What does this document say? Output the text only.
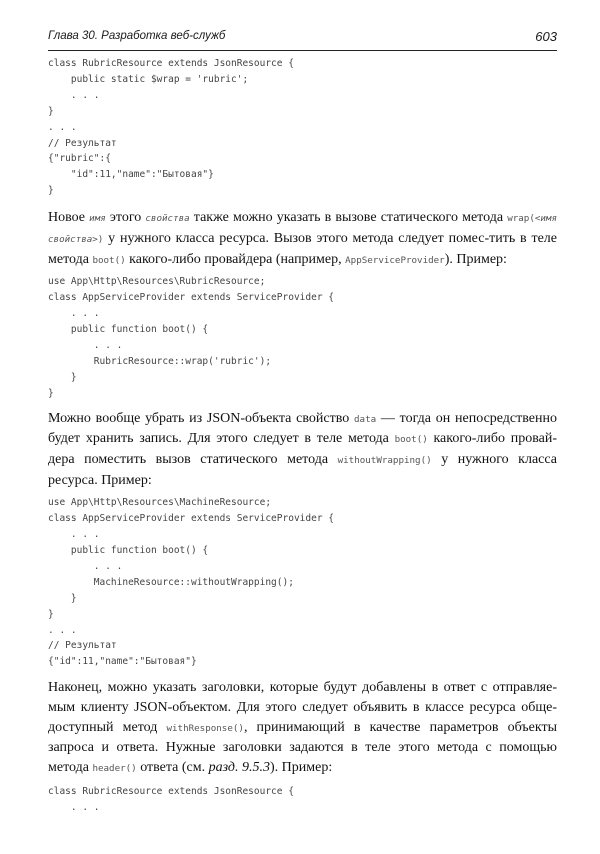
Глава 30. Разработка веб-служб	603
class RubricResource extends JsonResource {
public static $wrap = 'rubric';
. . .
}
. . .
// Результат
{"rubric":{
"id":11,"name":"Бытовая"}
}

Новое имя этого свойства также можно указать в вызове статического метода wrap(<имя свойства>) у нужного класса ресурса. Вызов этого метода следует помес-тить в теле метода boot() какого-либо провайдера (например, AppServiceProvider). Пример:

use App\Http\Resources\RubricResource;
class AppServiceProvider extends ServiceProvider {
. . .
public function boot() {
. . .
RubricResource::wrap('rubric');
}
}

Можно вообще убрать из JSON-объекта свойство data — тогда он непосредственно будет хранить запись. Для этого следует в теле метода boot() какого-либо провай-дера поместить вызов статического метода withoutWrapping() у нужного класса ресурса. Пример:

use App\Http\Resources\MachineResource;
class AppServiceProvider extends ServiceProvider {
. . .
public function boot() {
. . .
MachineResource::withoutWrapping();
}
}
. . .
// Результат
{"id":11,"name":"Бытовая"}

Наконец, можно указать заголовки, которые будут добавлены в ответ с отправляе-мым клиенту JSON-объектом. Для этого следует объявить в классе ресурса обще-доступный метод withResponse(), принимающий в качестве параметров объекты запроса и ответа. Нужные заголовки задаются в теле этого метода с помощью метода header() ответа (см. разд. 9.5.3). Пример:

class RubricResource extends JsonResource {
. . .
